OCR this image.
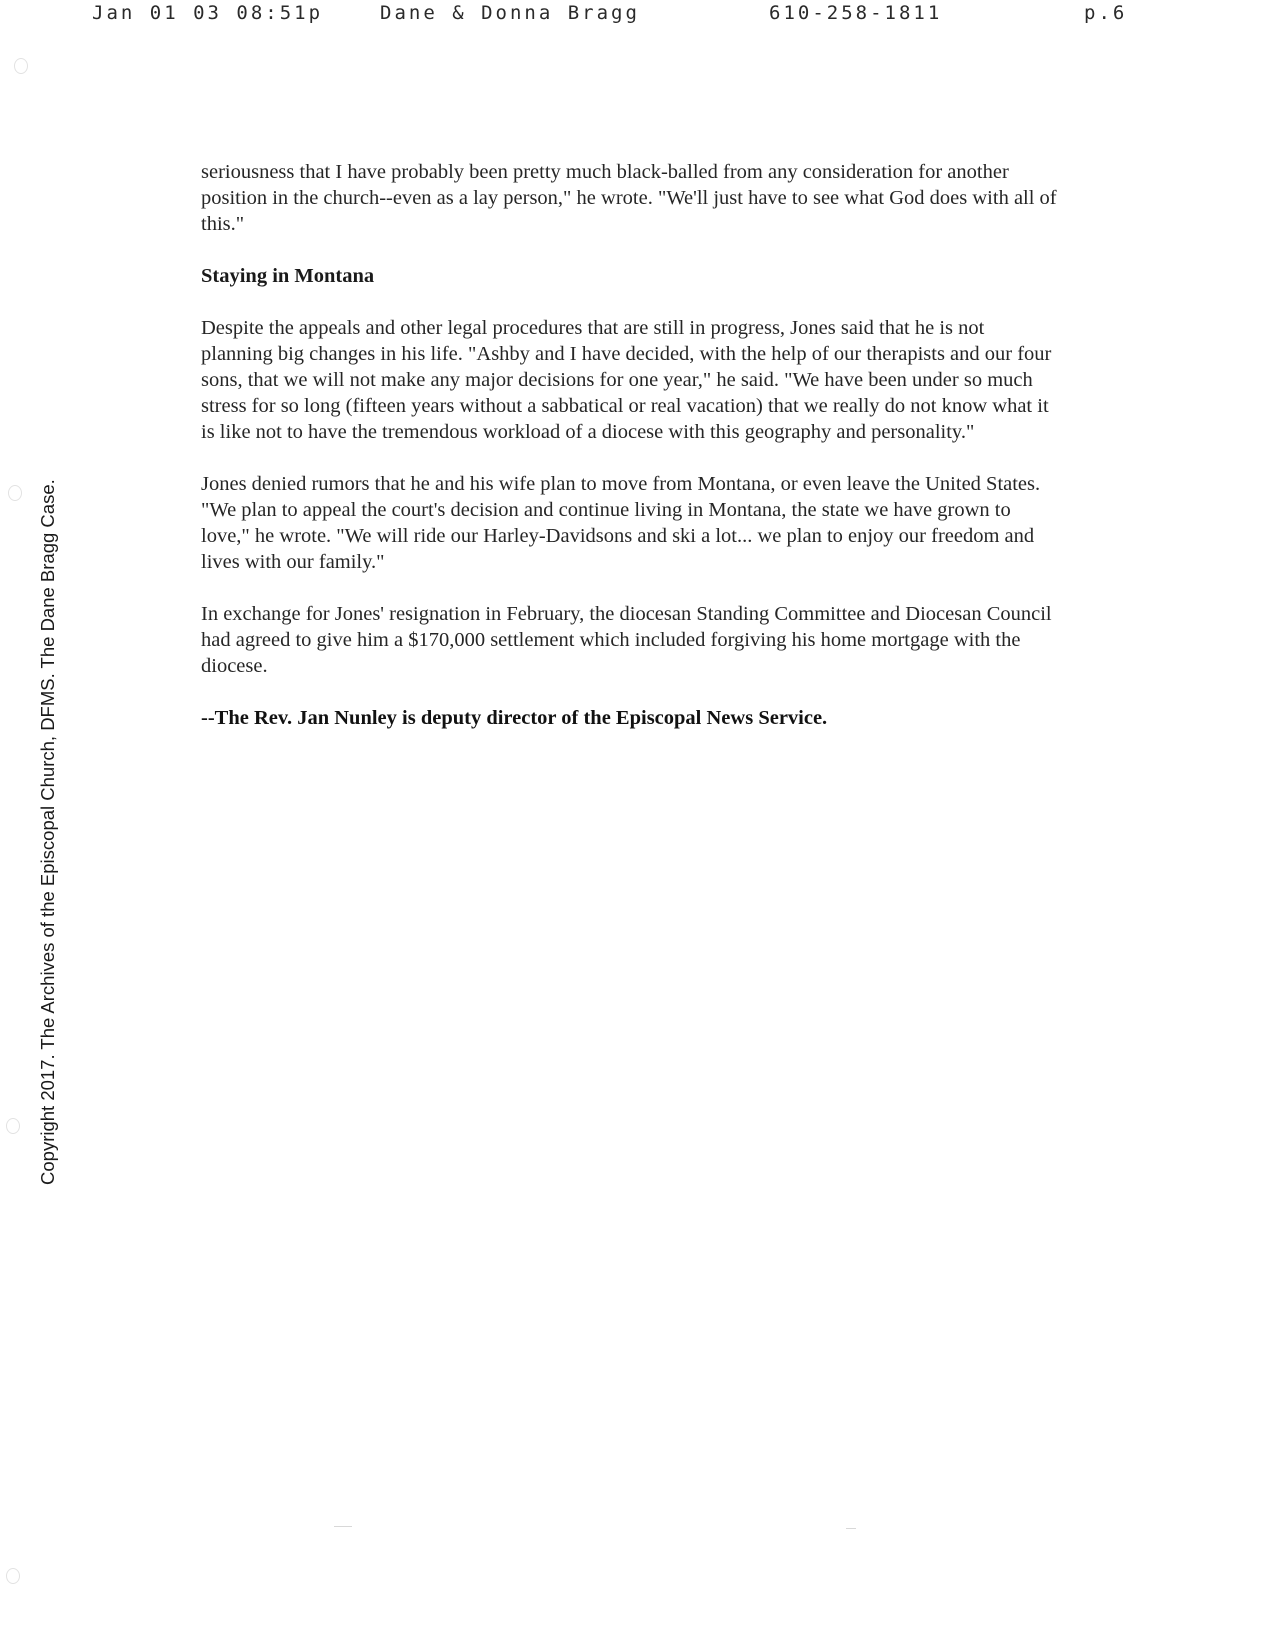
Jan 01 03 08:51p	Dane & Donna Bragg	610-258-1811	p.6
Copyright 2017. The Archives of the Episcopal Church, DFMS. The Dane Bragg Case.

seriousness that I have probably been pretty much black-balled from any consideration for another position in the church--even as a lay person," he wrote. "We'll just have to see what God does with all of this."

Staying in Montana

Despite the appeals and other legal procedures that are still in progress, Jones said that he is not planning big changes in his life. "Ashby and I have decided, with the help of our therapists and our four sons, that we will not make any major decisions for one year," he said. "We have been under so much stress for so long (fifteen years without a sabbatical or real vacation) that we really do not know what it is like not to have the tremendous workload of a diocese with this geography and personality."

Jones denied rumors that he and his wife plan to move from Montana, or even leave the United States. "We plan to appeal the court's decision and continue living in Montana, the state we have grown to love," he wrote. "We will ride our Harley-Davidsons and ski a lot... we plan to enjoy our freedom and lives with our family."

In exchange for Jones' resignation in February, the diocesan Standing Committee and Diocesan Council had agreed to give him a $170,000 settlement which included forgiving his home mortgage with the diocese.

--The Rev. Jan Nunley is deputy director of the Episcopal News Service.
